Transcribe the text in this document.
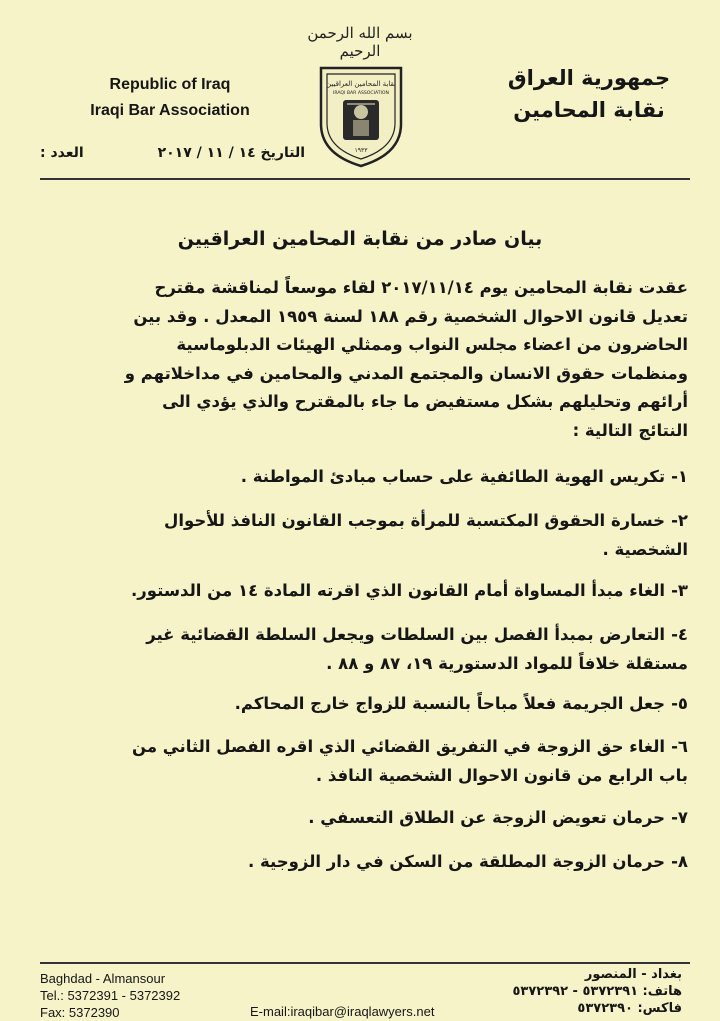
بسم الله الرحمن الرحيم
نقابة المحامين العراقيين
IRAQI BAR ASSOCIATION
١٩٣٣
Republic of Iraq
Iraqi Bar Association
جمهورية العراق
نقابة المحامين
التاريخ ١٤ / ١١ / ٢٠١٧
العدد :
بيان صادر من نقابة المحامين العراقيين
عقدت نقابة المحامين يوم ٢٠١٧/١١/١٤ لقاء موسعاً لمناقشة مقترح
تعديل قانون الاحوال الشخصية رقم ١٨٨ لسنة ١٩٥٩ المعدل . وقد بين
الحاضرون من اعضاء مجلس النواب وممثلي الهيئات الدبلوماسية
ومنظمات حقوق الانسان والمجتمع المدني والمحامين في مداخلاتهم و
أرائهم وتحليلهم بشكل مستفيض ما جاء بالمقترح والذي يؤدي الى
النتائج التالية :
١-تكريس الهوية الطائفية على حساب مبادئ المواطنة .
٢-خسارة الحقوق المكتسبة للمرأة بموجب القانون النافذ للأحوال
الشخصية .
٣-الغاء مبدأ المساواة أمام القانون الذي اقرته المادة ١٤ من الدستور.
٤-التعارض بمبدأ الفصل بين السلطات ويجعل السلطة القضائية غير
مستقلة خلافاً للمواد الدستورية ١٩، ٨٧ و ٨٨ .
٥-جعل الجريمة فعلاً مباحاً بالنسبة للزواج خارج المحاكم.
٦-الغاء حق الزوجة في التفريق القضائي الذي اقره الفصل الثاني من
باب الرابع من قانون الاحوال الشخصية النافذ .
٧-حرمان تعويض الزوجة عن الطلاق التعسفي .
٨-حرمان الزوجة المطلقة من السكن في دار الزوجية .
Baghdad - Almansour
Tel.: 5372391 - 5372392
Fax: 5372390	E-mail:iraqibar@iraqlawyers.net
بغداد - المنصور
هاتف: ٥٣٧٢٣٩١ - ٥٣٧٢٣٩٢
فاكس: ٥٣٧٢٣٩٠
